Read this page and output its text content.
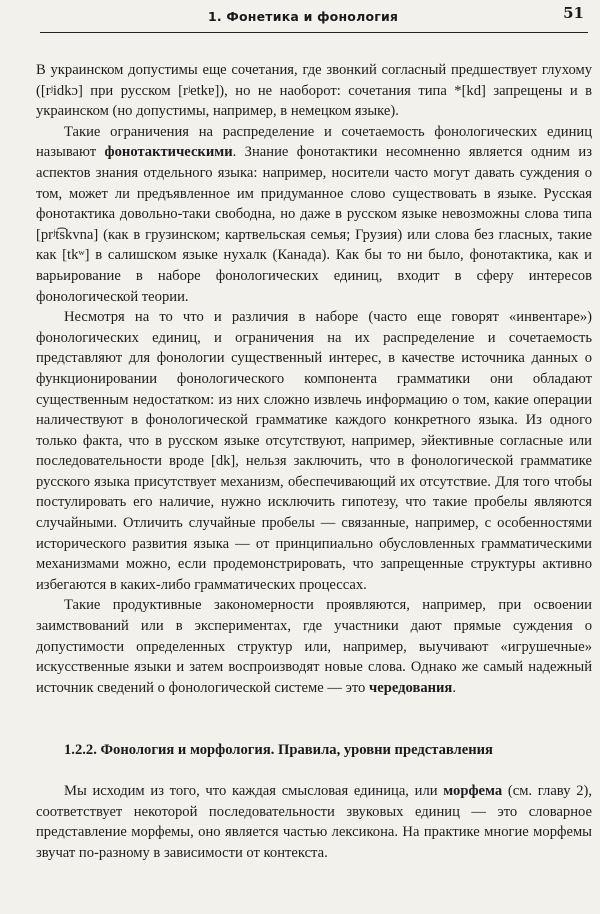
1. Фонетика и фонология	51

В украинском допустимы еще сочетания, где звонкий согласный предшествует глухому ([rʲidkɔ] при русском [rʲetkɐ]), но не наоборот: сочетания типа *[kd] запрещены и в украинском (но допустимы, например, в немецком языке).

Такие ограничения на распределение и сочетаемость фонологических единиц называют фонотактическими. Знание фонотактики несомненно является одним из аспектов знания отдельного языка: например, носители часто могут давать суждения о том, может ли предъявленное им придуманное слово существовать в языке. Русская фонотактика довольно-таки свободна, но даже в русском языке невозможны слова типа [prʲt͡skvna] (как в грузинском; картвельская семья; Грузия) или слова без гласных, такие как [tkʷ] в салишском языке нухалк (Канада). Как бы то ни было, фонотактика, как и варьирование в наборе фонологических единиц, входит в сферу интересов фонологической теории.

Несмотря на то что и различия в наборе (часто еще говорят «инвентаре») фонологических единиц, и ограничения на их распределение и сочетаемость представляют для фонологии существенный интерес, в качестве источника данных о функционировании фонологического компонента грамматики они обладают существенным недостатком: из них сложно извлечь информацию о том, какие операции наличествуют в фонологической грамматике каждого конкретного языка. Из одного только факта, что в русском языке отсутствуют, например, эйективные согласные или последовательности вроде [dk], нельзя заключить, что в фонологической грамматике русского языка присутствует механизм, обеспечивающий их отсутствие. Для того чтобы постулировать его наличие, нужно исключить гипотезу, что такие пробелы являются случайными. Отличить случайные пробелы — связанные, например, с особенностями исторического развития языка — от принципиально обусловленных грамматическими механизмами можно, если продемонстрировать, что запрещенные структуры активно избегаются в каких-либо грамматических процессах.

Такие продуктивные закономерности проявляются, например, при освоении заимствований или в экспериментах, где участники дают прямые суждения о допустимости определенных структур или, например, выучивают «игрушечные» искусственные языки и затем воспроизводят новые слова. Однако же самый надежный источник сведений о фонологической системе — это чередования.

1.2.2. Фонология и морфология. Правила, уровни представления

Мы исходим из того, что каждая смысловая единица, или морфема (см. главу 2), соответствует некоторой последовательности звуковых единиц — это словарное представление морфемы, оно является частью лексикона. На практике многие морфемы звучат по-разному в зависимости от контекста.
